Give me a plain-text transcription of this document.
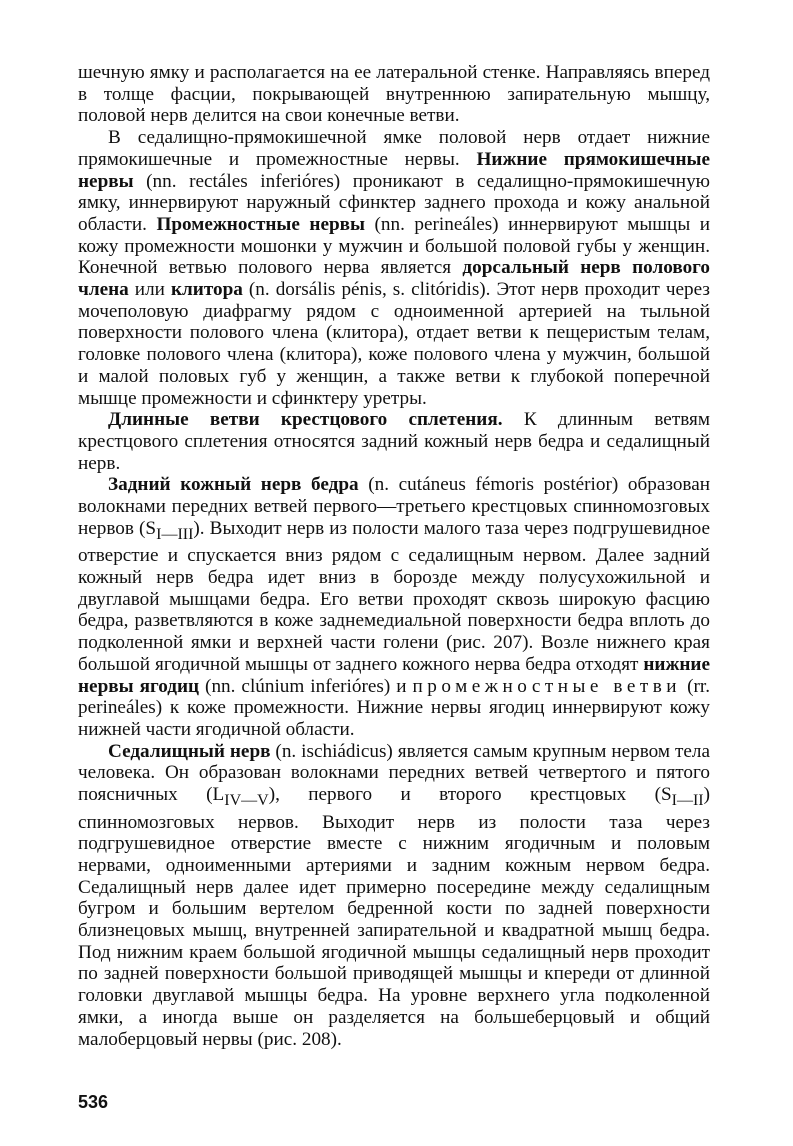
шечную ямку и располагается на ее латеральной стенке. Направляясь вперед в толще фасции, покрывающей внутреннюю запирательную мышцу, половой нерв делится на свои конечные ветви.

В седалищно-прямокишечной ямке половой нерв отдает нижние прямокишечные и промежностные нервы. Нижние прямокишечные нервы (nn. rectáles inferióres) проникают в седалищно-прямокишечную ямку, иннервируют наружный сфинктер заднего прохода и кожу анальной области. Промежностные нервы (nn. perineáles) иннервируют мышцы и кожу промежности мошонки у мужчин и большой половой губы у женщин. Конечной ветвью полового нерва является дорсальный нерв полового члена или клитора (n. dorsális pénis, s. clitóridis). Этот нерв проходит через мочеполовую диафрагму рядом с одноименной артерией на тыльной поверхности полового члена (клитора), отдает ветви к пещеристым телам, головке полового члена (клитора), коже полового члена у мужчин, большой и малой половых губ у женщин, а также ветви к глубокой поперечной мышце промежности и сфинктеру уретры.

Длинные ветви крестцового сплетения. К длинным ветвям крестцового сплетения относятся задний кожный нерв бедра и седалищный нерв.

Задний кожный нерв бедра (n. cutáneus fémoris postérior) образован волокнами передних ветвей первого—третьего крестцовых спинномозговых нервов $(S_{I—III})$. Выходит нерв из полости малого таза через подгрушевидное отверстие и спускается вниз рядом с седалищным нервом. Далее задний кожный нерв бедра идет вниз в борозде между полусухожильной и двуглавой мышцами бедра. Его ветви проходят сквозь широкую фасцию бедра, разветвляются в коже заднемедиальной поверхности бедра вплоть до подколенной ямки и верхней части голени (рис. 207). Возле нижнего края большой ягодичной мышцы от заднего кожного нерва бедра отходят нижние нервы ягодиц (nn. clúnium inferióres) и промежностные ветви (rr. perineáles) к коже промежности. Нижние нервы ягодиц иннервируют кожу нижней части ягодичной области.

Седалищный нерв (n. ischiádicus) является самым крупным нервом тела человека. Он образован волокнами передних ветвей четвертого и пятого поясничных $(L_{IV—V})$, первого и второго крестцовых $(S_{I—II})$ спинномозговых нервов. Выходит нерв из полости таза через подгрушевидное отверстие вместе с нижним ягодичным и половым нервами, одноименными артериями и задним кожным нервом бедра. Седалищный нерв далее идет примерно посередине между седалищным бугром и большим вертелом бедренной кости по задней поверхности близнецовых мышц, внутренней запирательной и квадратной мышц бедра. Под нижним краем большой ягодичной мышцы седалищный нерв проходит по задней поверхности большой приводящей мышцы и кпереди от длинной головки двуглавой мышцы бедра. На уровне верхнего угла подколенной ямки, а иногда выше он разделяется на большеберцовый и общий малоберцовый нервы (рис. 208).

536
